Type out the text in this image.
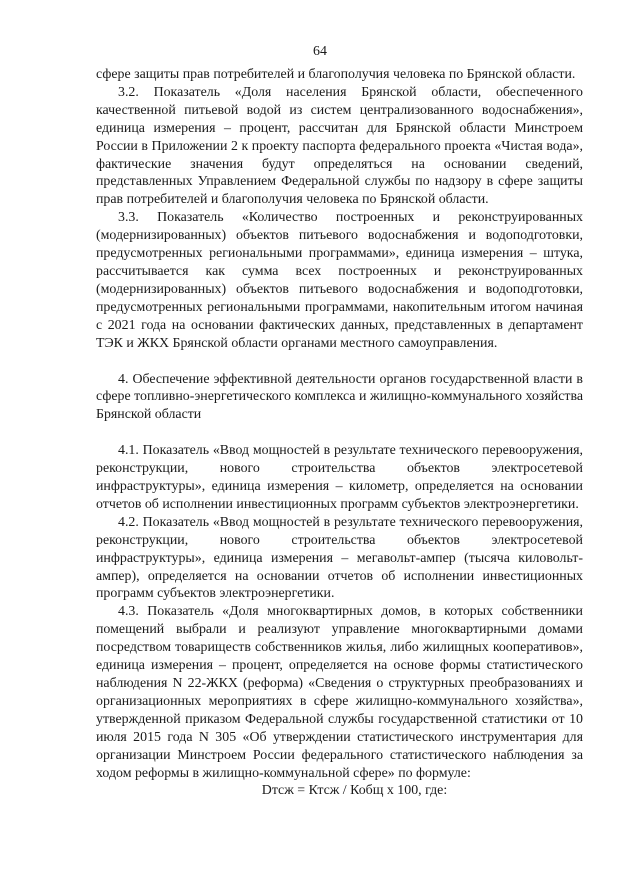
64

сфере защиты прав потребителей и благополучия человека по Брянской области.

3.2. Показатель «Доля населения Брянской области, обеспеченного качественной питьевой водой из систем централизованного водоснабжения», единица измерения – процент, рассчитан для Брянской области Минстроем России в Приложении 2 к проекту паспорта федерального проекта «Чистая вода», фактические значения будут определяться на основании сведений, представленных Управлением Федеральной службы по надзору в сфере защиты прав потребителей и благополучия человека по Брянской области.

3.3. Показатель «Количество построенных и реконструированных (модернизированных) объектов питьевого водоснабжения и водоподготовки, предусмотренных региональными программами», единица измерения – штука, рассчитывается как сумма всех построенных и реконструированных (модернизированных) объектов питьевого водоснабжения и водоподготовки, предусмотренных региональными программами, накопительным итогом начиная с 2021 года на основании фактических данных, представленных в департамент ТЭК и ЖКХ Брянской области органами местного самоуправления.

4. Обеспечение эффективной деятельности органов государственной власти в сфере топливно-энергетического комплекса и жилищно-коммунального хозяйства Брянской области

4.1. Показатель «Ввод мощностей в результате технического перевооружения, реконструкции, нового строительства объектов электросетевой инфраструктуры», единица измерения – километр, определяется на основании отчетов об исполнении инвестиционных программ субъектов электроэнергетики.

4.2. Показатель «Ввод мощностей в результате технического перевооружения, реконструкции, нового строительства объектов электросетевой инфраструктуры», единица измерения – мегавольт-ампер (тысяча киловольт-ампер), определяется на основании отчетов об исполнении инвестиционных программ субъектов электроэнергетики.

4.3. Показатель «Доля многоквартирных домов, в которых собственники помещений выбрали и реализуют управление многоквартирными домами посредством товариществ собственников жилья, либо жилищных кооперативов», единица измерения – процент, определяется на основе формы статистического наблюдения N 22-ЖКХ (реформа) «Сведения о структурных преобразованиях и организационных мероприятиях в сфере жилищно-коммунального хозяйства», утвержденной приказом Федеральной службы государственной статистики от 10 июля 2015 года N 305 «Об утверждении статистического инструментария для организации Минстроем России федерального статистического наблюдения за ходом реформы в жилищно-коммунальной сфере» по формуле:

Dтсж = Ктсж / Кобщ х 100, где:
